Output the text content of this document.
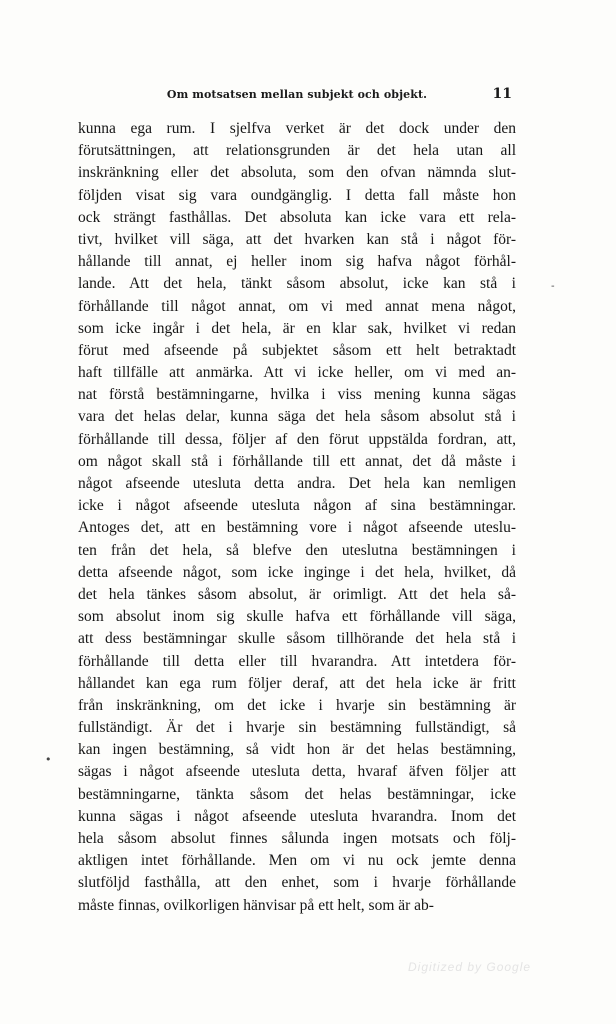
Om motsatsen mellan subjekt och objekt.	11
kunna ega rum. I sjelfva verket är det dock under den
förutsättningen, att relationsgrunden är det hela utan all
inskränkning eller det absoluta, som den ofvan nämnda slut-
följden visat sig vara oundgänglig. I detta fall måste hon
ock strängt fasthållas. Det absoluta kan icke vara ett rela-
tivt, hvilket vill säga, att det hvarken kan stå i något för-
hållande till annat, ej heller inom sig hafva något förhål-
lande. Att det hela, tänkt såsom absolut, icke kan stå i
förhållande till något annat, om vi med annat mena något,
som icke ingår i det hela, är en klar sak, hvilket vi redan
förut med afseende på subjektet såsom ett helt betraktadt
haft tillfälle att anmärka. Att vi icke heller, om vi med an-
nat förstå bestämningarne, hvilka i viss mening kunna sägas
vara det helas delar, kunna säga det hela såsom absolut stå i
förhållande till dessa, följer af den förut uppstälda fordran, att,
om något skall stå i förhållande till ett annat, det då måste i
något afseende utesluta detta andra. Det hela kan nemligen
icke i något afseende utesluta någon af sina bestämningar.
Antoges det, att en bestämning vore i något afseende uteslu-
ten från det hela, så blefve den uteslutna bestämningen i
detta afseende något, som icke inginge i det hela, hvilket, då
det hela tänkes såsom absolut, är orimligt. Att det hela så-
som absolut inom sig skulle hafva ett förhållande vill säga,
att dess bestämningar skulle såsom tillhörande det hela stå i
förhållande till detta eller till hvarandra. Att intetdera för-
hållandet kan ega rum följer deraf, att det hela icke är fritt
från inskränkning, om det icke i hvarje sin bestämning är
fullständigt. Är det i hvarje sin bestämning fullständigt, så
kan ingen bestämning, så vidt hon är det helas bestämning,
sägas i något afseende utesluta detta, hvaraf äfven följer att
bestämningarne, tänkta såsom det helas bestämningar, icke
kunna sägas i något afseende utesluta hvarandra. Inom det
hela såsom absolut finnes sålunda ingen motsats och följ-
aktligen intet förhållande. Men om vi nu ock jemte denna
slutföljd fasthålla, att den enhet, som i hvarje förhållande
måste finnas, ovilkorligen hänvisar på ett helt, som är ab-
-
•
Digitized by Google
